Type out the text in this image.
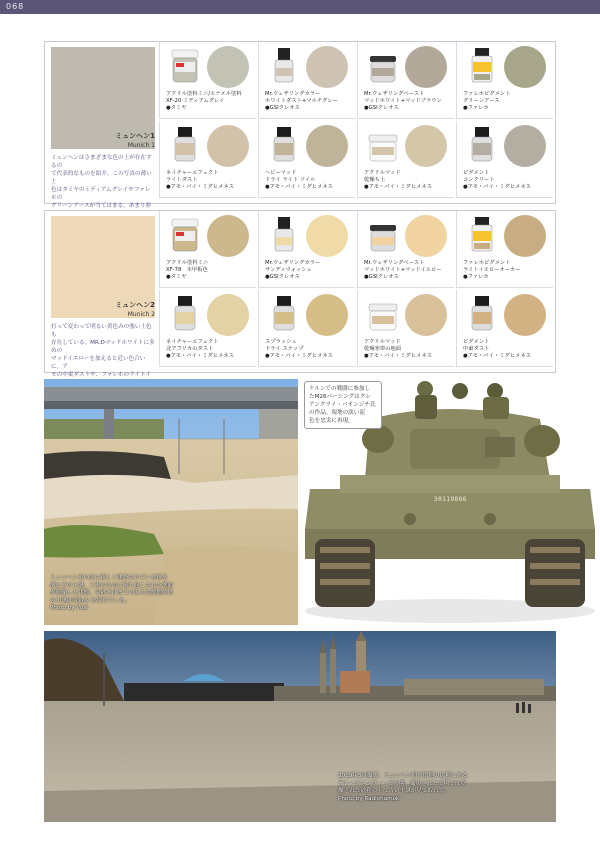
068
ミュンヘン1
Munich 1
ミュンヘンはさまざまな色の土が存在するの
で代表的なものを紹介。この写真の薄い土
色はタミヤのミディアムグレイやファレホの
グリーンアースが当てはまる。あまり彩
アクリル塗料ミニ/エナメル塗料
XF-20 ミディアムグレイ
●タミヤ
Mr.ウェザリングカラー
ホワイトダスト+マルチグレー
●GSIクレオス
Mr.ウェザリングペースト
マッドホワイト+マッドブラウン
●GSIクレオス
ファレホピグメント
グリーンアース
●ファレホ
ネイチャーエフェクト
ライトダスト
●アモ・バイ・ミグヒメネス
ヘビーマッド
ドライ ライト ソイル
●アモ・バイ・ミグヒメネス
アクリルマッド
乾燥ち土
●アモ・バイ・ミグヒメネス
ピグメント
コンクリート
●アモ・バイ・ミグヒメネス
ミュンヘン2
Munich 2
打って変わって明るい黄色みの強い土色も
存在している。MR.Dマッドホワイトに多めの
マッドイエローを加えると近い色合いに。ア
モの中東ダストや、ファレホのライトイ
アクリル塗料ミニ
XF-78　木甲板色
●タミヤ
Mr.ウェザリングカラー
サンディウォッシュ
●GSIクレオス
Mr.ウェザリングペースト
マッドホワイト+マッドイエロー
●GSIクレオス
ファレホピグメント
ライトイエローオーカー
●ファレホ
ネイチャーエフェクト
北アフリカのダスト
●アモ・バイ・ミグヒメネス
スプラッシュ
ドライ ステップ
●アモ・バイ・ミグヒメネス
アクリルマッド
乾燥寒帯の地面
●アモ・バイ・ミグヒメネス
ピグメント
中東ダスト
●アモ・バイ・ミグヒメネス
ミュンヘン市の北に新しく建設されている排水
溝とその土壌。工事のために掘り起こされた地面
が乾燥した状態。空港そばまでの広大な敷地付近
の土壌は黄色み を帯びている。
Photo by Vusi
30119886
ケルンでの戦闘に参加し
たM26パーシングはクレ
アンクライ・パオンジチ氏
の作品。現地の淡い泥
色を忠実に再現。
2019年3月撮影。ミュンヘン旧市街地の広場にある
テレージエンヴィーゼ公園。撮影された広場では乾
燥された砂利の下に古い土壌が見て取れる。
Photo by Radiohamok
